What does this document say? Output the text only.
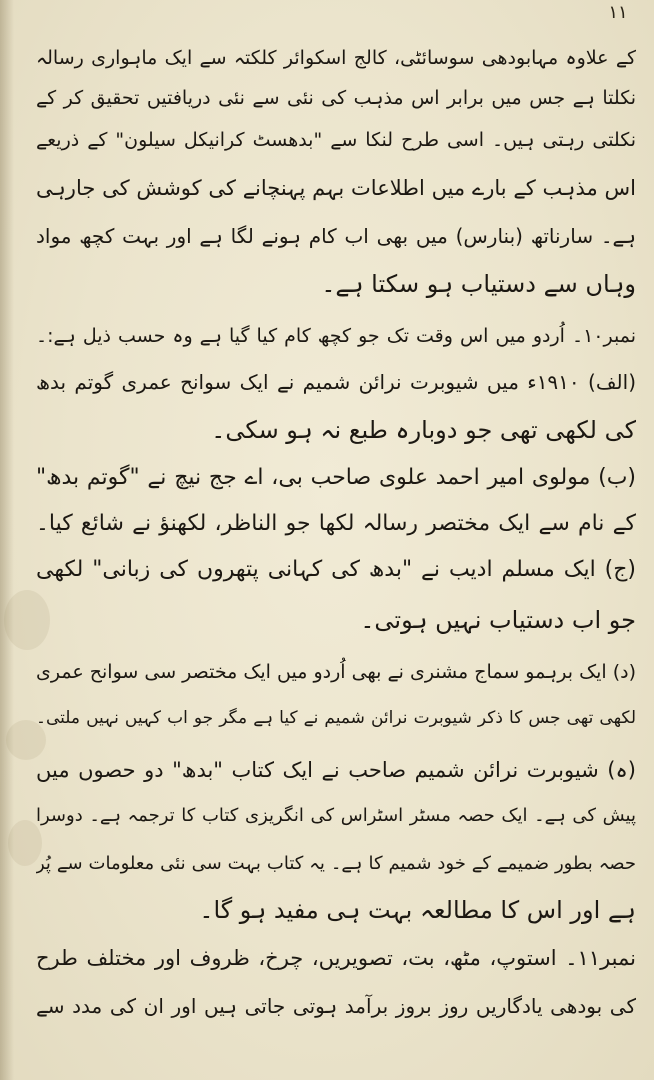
۱۱
کے علاوہ مہابودھی سوسائٹی، کالج اسکوائر کلکتہ سے ایک ماہواری رسالہ
نکلتا ہے جس میں برابر اس مذہب کی نئی سے نئی دریافتیں تحقیق کر کے
نکلتی رہتی ہیں۔ اسی طرح لنکا سے "بدھسٹ کرانیکل سیلون" کے ذریعے
اس مذہب کے بارے میں اطلاعات بہم پہنچانے کی کوشش کی جارہی
ہے۔ سارناتھ (بنارس) میں بھی اب کام ہونے لگا ہے اور بہت کچھ مواد
وہاں سے دستیاب ہو سکتا ہے۔
نمبر۱۰۔ اُردو میں اس وقت تک جو کچھ کام کیا گیا ہے وہ حسب ذیل ہے:۔
(الف) ۱۹۱۰ء میں شیوبرت نرائن شمیم نے ایک سوانح عمری گوتم بدھ
کی لکھی تھی جو دوبارہ طبع نہ ہو سکی۔
(ب) مولوی امیر احمد علوی صاحب بی، اے جج نیچ نے "گوتم بدھ"
کے نام سے ایک مختصر رسالہ لکھا جو الناظر، لکھنؤ نے شائع کیا۔
(ج) ایک مسلم ادیب نے "بدھ کی کہانی پتھروں کی زبانی" لکھی
جو اب دستیاب نہیں ہوتی۔
(د) ایک برہمو سماج مشنری نے بھی اُردو میں ایک مختصر سی سوانح عمری
لکھی تھی جس کا ذکر شیوبرت نرائن شمیم نے کیا ہے مگر جو اب کہیں نہیں ملتی۔
(ہ) شیوبرت نرائن شمیم صاحب نے ایک کتاب "بدھ" دو حصوں میں
پیش کی ہے۔ ایک حصہ مسٹر اسٹراس کی انگریزی کتاب کا ترجمہ ہے۔ دوسرا
حصہ بطور ضمیمے کے خود شمیم کا ہے۔ یہ کتاب بہت سی نئی معلومات سے پُر
ہے اور اس کا مطالعہ بہت ہی مفید ہو گا۔
نمبر۱۱۔ استوپ، مٹھ، بت، تصویریں، چرخ، ظروف اور مختلف طرح
کی بودھی یادگاریں روز بروز برآمد ہوتی جاتی ہیں اور ان کی مدد سے
